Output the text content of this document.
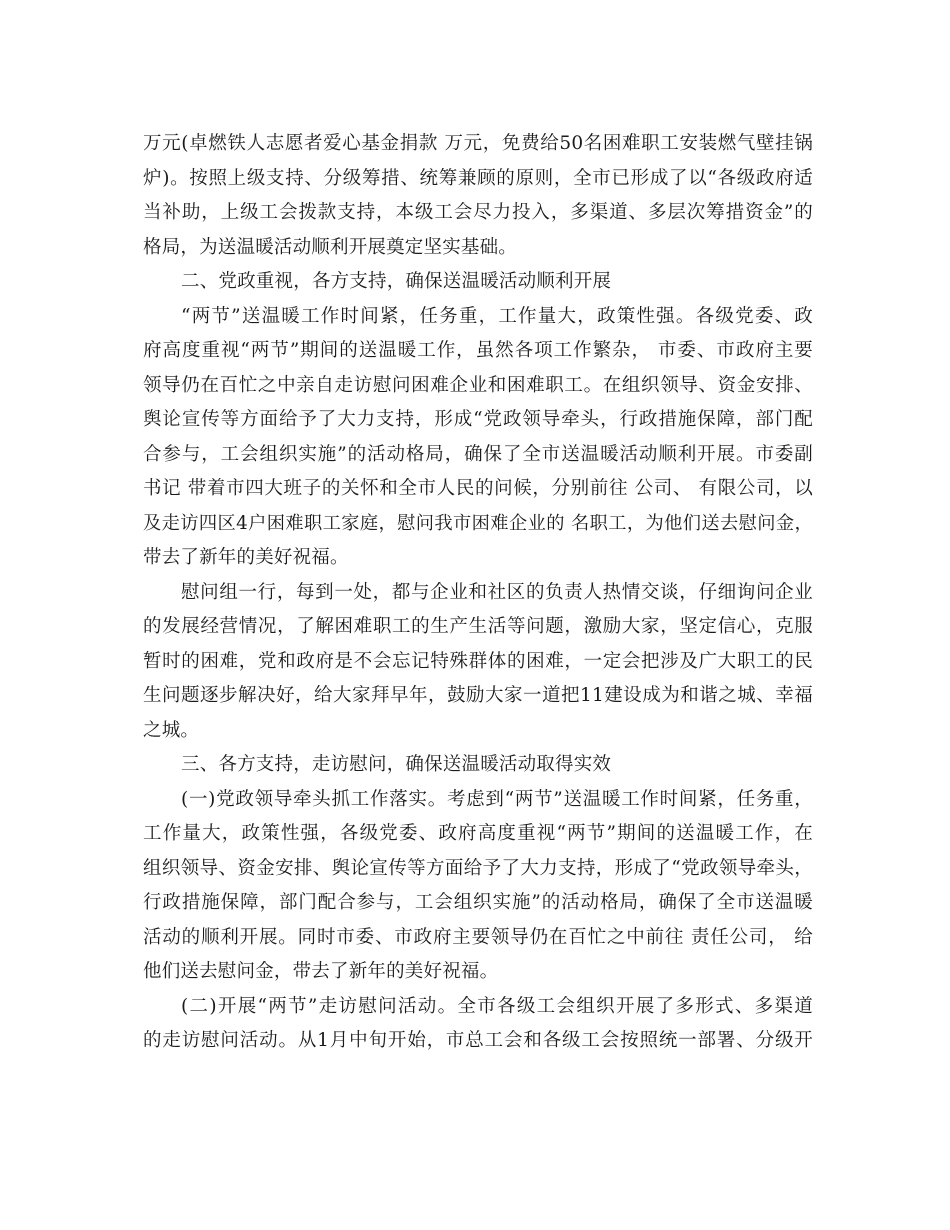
万元(卓燃铁人志愿者爱心基金捐款 万元，免费给50名困难职工安装燃气壁挂锅
炉)。按照上级支持、分级筹措、统筹兼顾的原则，全市已形成了以“各级政府适
当补助，上级工会拨款支持，本级工会尽力投入，多渠道、多层次筹措资金”的
格局，为送温暖活动顺利开展奠定坚实基础。
二、党政重视，各方支持，确保送温暖活动顺利开展
“两节”送温暖工作时间紧，任务重，工作量大，政策性强。各级党委、政
府高度重视“两节”期间的送温暖工作，虽然各项工作繁杂， 市委、市政府主要
领导仍在百忙之中亲自走访慰问困难企业和困难职工。在组织领导、资金安排、
舆论宣传等方面给予了大力支持，形成“党政领导牵头，行政措施保障，部门配
合参与，工会组织实施”的活动格局，确保了全市送温暖活动顺利开展。市委副
书记 带着市四大班子的关怀和全市人民的问候，分别前往 公司、 有限公司，以
及走访四区4户困难职工家庭，慰问我市困难企业的 名职工，为他们送去慰问金，
带去了新年的美好祝福。
慰问组一行，每到一处，都与企业和社区的负责人热情交谈，仔细询问企业
的发展经营情况，了解困难职工的生产生活等问题，激励大家，坚定信心，克服
暂时的困难，党和政府是不会忘记特殊群体的困难，一定会把涉及广大职工的民
生问题逐步解决好，给大家拜早年，鼓励大家一道把11建设成为和谐之城、幸福
之城。
三、各方支持，走访慰问，确保送温暖活动取得实效
(一)党政领导牵头抓工作落实。考虑到“两节”送温暖工作时间紧，任务重，
工作量大，政策性强，各级党委、政府高度重视“两节”期间的送温暖工作，在
组织领导、资金安排、舆论宣传等方面给予了大力支持，形成了“党政领导牵头，
行政措施保障，部门配合参与，工会组织实施”的活动格局，确保了全市送温暖
活动的顺利开展。同时市委、市政府主要领导仍在百忙之中前往 责任公司， 给
他们送去慰问金，带去了新年的美好祝福。
(二)开展“两节”走访慰问活动。全市各级工会组织开展了多形式、多渠道
的走访慰问活动。从1月中旬开始，市总工会和各级工会按照统一部署、分级开
